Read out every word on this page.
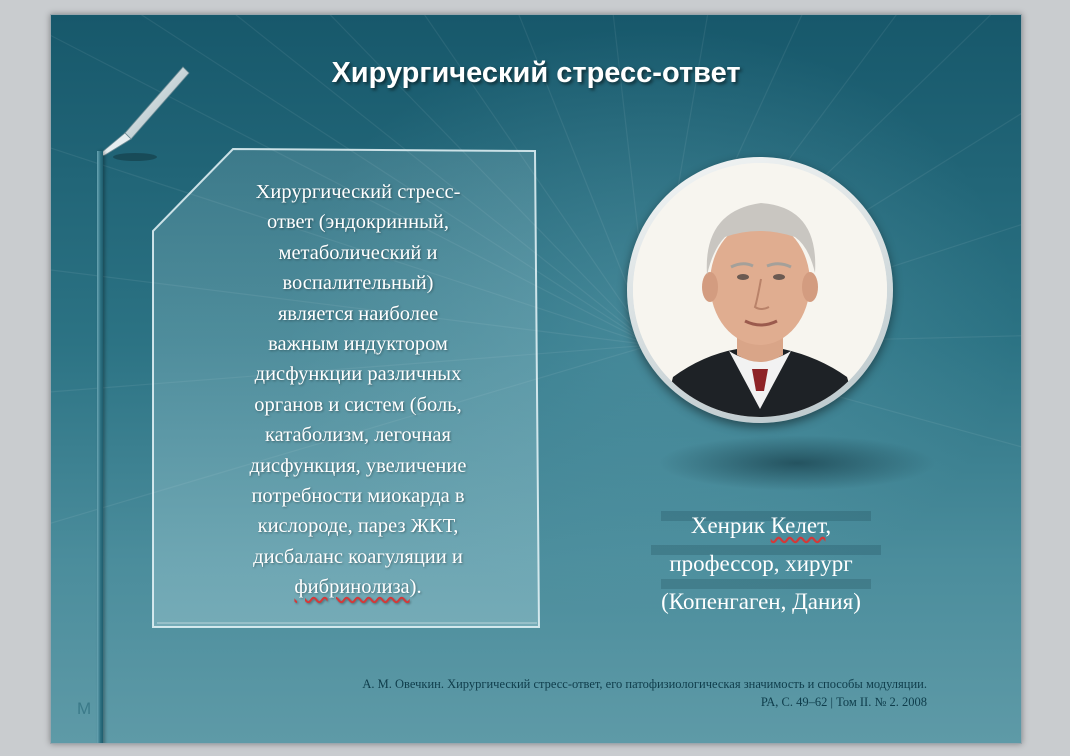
Хирургический стресс-ответ
M
Хирургический стресс-
ответ (эндокринный,
метаболический и
воспалительный)
является наиболее
важным индуктором
дисфункции различных
органов и систем (боль,
катаболизм, легочная
дисфункция, увеличение
потребности миокарда в
кислороде, парез ЖКТ,
дисбаланс коагуляции и
фибринолиза).
Хенрик Келет,
профессор, хирург
(Копенгаген, Дания)
А. М. Овечкин. Хирургический стресс-ответ, его патофизиологическая значимость и способы модуляции.
РА, С. 49–62 | Том II. № 2. 2008
